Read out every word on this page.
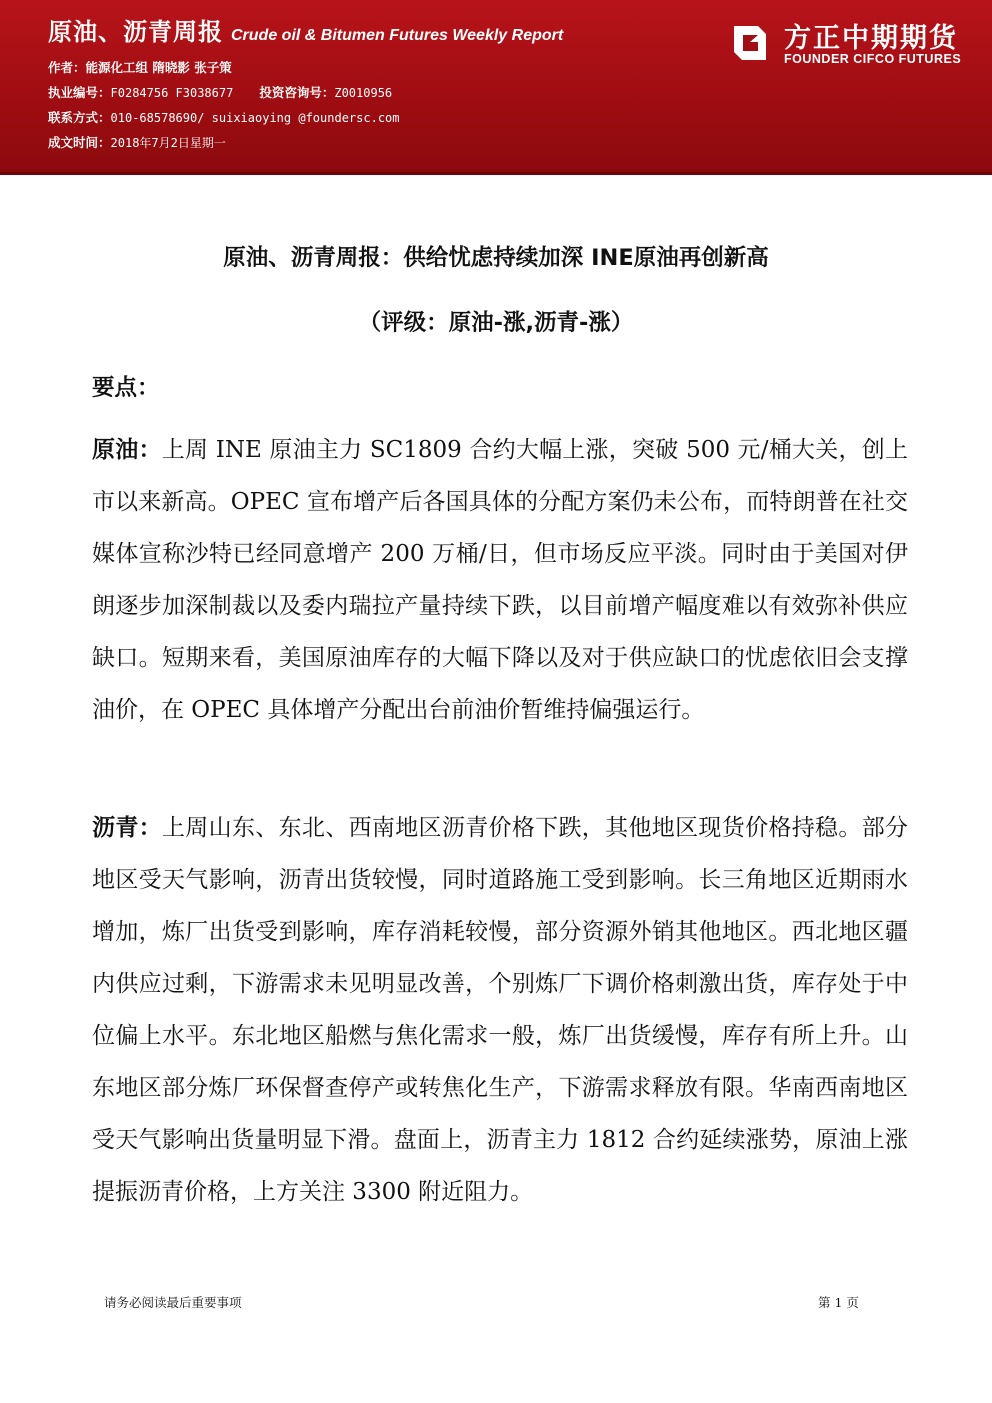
原油、沥青周报 Crude oil & Bitumen Futures Weekly Report
作者：能源化工组 隋晓影 张子策
执业编号：F0284756 F3038677 投资咨询号：Z0010956
联系方式：010-68578690/ suixiaoying @foundersc.com
成文时间：2018年7月2日星期一
方正中期期货
FOUNDER CIFCO FUTURES
原油、沥青周报：供给忧虑持续加深 INE原油再创新高
（评级：原油-涨,沥青-涨）
要点：

原油：上周 INE 原油主力 SC1809 合约大幅上涨，突破 500 元/桶大关，创上市以来新高。OPEC 宣布增产后各国具体的分配方案仍未公布，而特朗普在社交媒体宣称沙特已经同意增产 200 万桶/日，但市场反应平淡。同时由于美国对伊朗逐步加深制裁以及委内瑞拉产量持续下跌，以目前增产幅度难以有效弥补供应缺口。短期来看，美国原油库存的大幅下降以及对于供应缺口的忧虑依旧会支撑油价，在 OPEC 具体增产分配出台前油价暂维持偏强运行。

沥青：上周山东、东北、西南地区沥青价格下跌，其他地区现货价格持稳。部分地区受天气影响，沥青出货较慢，同时道路施工受到影响。长三角地区近期雨水增加，炼厂出货受到影响，库存消耗较慢，部分资源外销其他地区。西北地区疆内供应过剩，下游需求未见明显改善，个别炼厂下调价格刺激出货，库存处于中位偏上水平。东北地区船燃与焦化需求一般，炼厂出货缓慢，库存有所上升。山东地区部分炼厂环保督查停产或转焦化生产，下游需求释放有限。华南西南地区受天气影响出货量明显下滑。盘面上，沥青主力 1812 合约延续涨势，原油上涨提振沥青价格，上方关注 3300 附近阻力。

请务必阅读最后重要事项	第 1 页
